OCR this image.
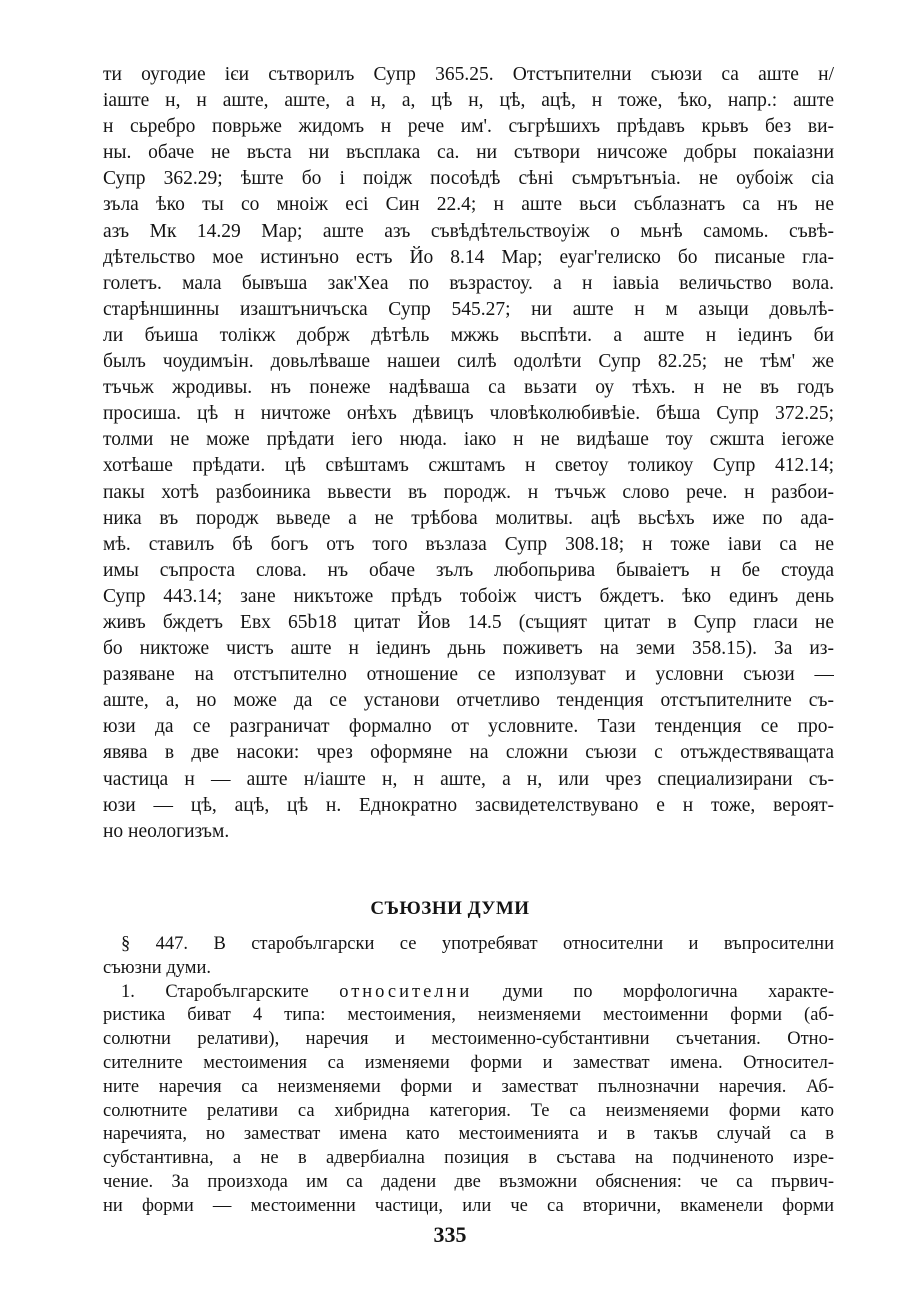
ти оугодие ієи сътворилъ Супр 365.25. Отстъпителни съюзи са аште н/
іаште н, н аште, аште, а н, а, цѣ н, цѣ, ацѣ, н тоже, ѣко, напр.: аште
н сьребро поврьже жидомъ н рече им'. съгрѣшихъ прѣдавъ крьвъ без ви-
ны. обаче не въста ни въсплака са. ни сътвори ничсоже добры покаіазни
Супр 362.29; ѣште бо і поідж посоѣдѣ сѣні съмрътънъіа. не оубоіж сіа
зъла ѣко ты со мноіж есі Син 22.4; н аште вьси съблазнатъ са нъ не
азъ Мк 14.29 Мар; аште азъ съвѣдѣтельствоуіж о мьнѣ самомь. съвѣ-
дѣтельство мое истинъно естъ Йо 8.14 Мар; еуаг'гелиско бо писаные гла-
голетъ. мала бывъша зак'Хеа по възрастоу. а н іавьіа величьство вола.
старѣншинны изаштъничъска Супр 545.27; ни аште н м азыци довьлѣ-
ли бъиша толікж добрж дѣтѣль мжжь вьспѣти. а аште н іединъ би
былъ чоудимъін. довьлѣваше нашеи силѣ одолѣти Супр 82.25; не тѣм' же
тъчьж жродивы. нъ понеже надѣваша са вьзати оу тѣхъ. н не въ годъ
просиша. цѣ н ничтоже онѣхъ дѣвицъ чловѣколюбивѣіе. бѣша Супр 372.25;
толми не може прѣдати іего нюда. іако н не видѣаше тоу сжшта іегоже
хотѣаше прѣдати. цѣ свѣштамъ сжштамъ н светоу толикоу Супр 412.14;
пакы хотѣ разбоиника вьвести въ породж. н тъчьж слово рече. н разбои-
ника въ породж вьведе а не трѣбова молитвы. ацѣ вьсѣхъ иже по ада-
мѣ. ставилъ бѣ богъ отъ того възлаза Супр 308.18; н тоже іави са не
имы съпроста слова. нъ обаче зълъ любопьрива бываіетъ н бе стоуда
Супр 443.14; зане никътоже прѣдъ тобоіж чистъ бждетъ. ѣко единъ день
живъ бждетъ Евх 65b18 цитат Йов 14.5 (същият цитат в Супр гласи не
бо никтоже чистъ аште н іединъ дьнь поживетъ на земи 358.15). За из-
разяване на отстъпително отношение се използуват и условни съюзи —
аште, а, но може да се установи отчетливо тенденция отстъпителните съ-
юзи да се разграничат формално от условните. Тази тенденция се про-
явява в две насоки: чрез оформяне на сложни съюзи с отъждествяващата
частица н — аште н/іаште н, н аште, а н, или чрез специализирани съ-
юзи — цѣ, ацѣ, цѣ н. Еднократно засвидетелствувано е н тоже, вероят-
но неологизъм.
СЪЮЗНИ ДУМИ
§ 447. В старобългарски се употребяват относителни и въпросителни
съюзни думи.
1. Старобългарските относителни думи по морфологична характе-
ристика биват 4 типа: местоимения, неизменяеми местоименни форми (аб-
солютни релативи), наречия и местоименно-субстантивни съчетания. Отно-
сителните местоимения са изменяеми форми и заместват имена. Относител-
ните наречия са неизменяеми форми и заместват пълнозначни наречия. Аб-
солютните релативи са хибридна категория. Те са неизменяеми форми като
наречията, но заместват имена като местоименията и в такъв случай са в
субстантивна, а не в адвербиална позиция в състава на подчиненото изре-
чение. За произхода им са дадени две възможни обяснения: че са първич-
ни форми — местоименни частици, или че са вторични, вкаменели форми
335
